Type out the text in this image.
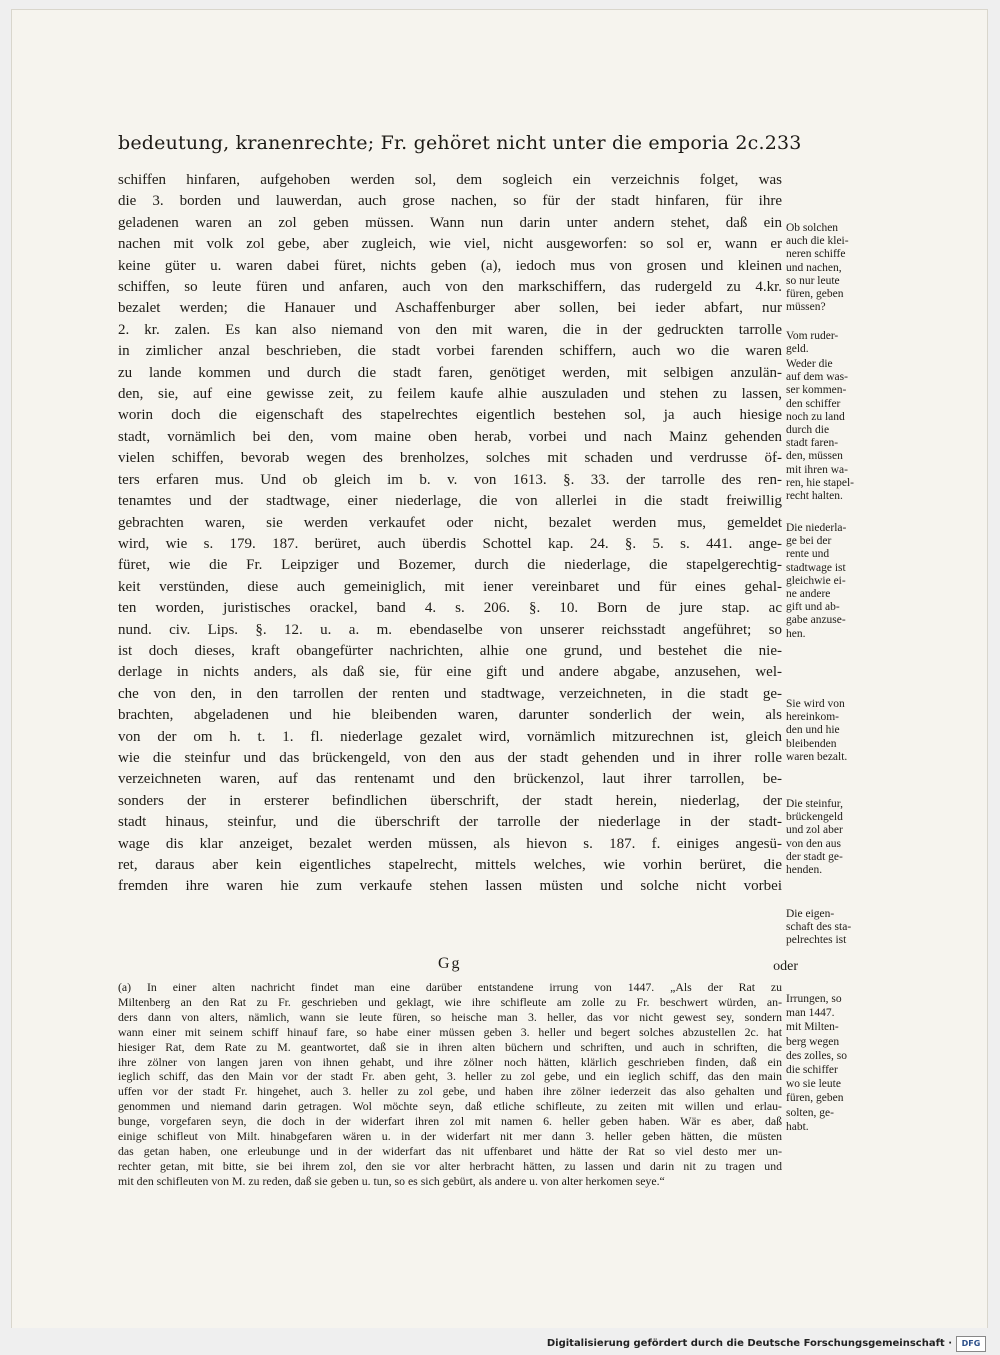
bedeutung, kranenrechte; Fr. gehöret nicht unter die emporia 2c. 233
schiffen hinfaren, aufgehoben werden sol, dem sogleich ein verzeichnis folget, was
die 3. borden und lauwerdan, auch grose nachen, so für der stadt hinfaren, für ihre
geladenen waren an zol geben müssen. Wann nun darin unter andern stehet, daß ein
nachen mit volk zol gebe, aber zugleich, wie viel, nicht ausgeworfen: so sol er, wann er
keine güter u. waren dabei füret, nichts geben (a), iedoch mus von grosen und kleinen
schiffen, so leute füren und anfaren, auch von den markschiffern, das rudergeld zu 4.kr.
bezalet werden; die Hanauer und Aschaffenburger aber sollen, bei ieder abfart, nur
2. kr. zalen. Es kan also niemand von den mit waren, die in der gedruckten tarrolle
in zimlicher anzal beschrieben, die stadt vorbei farenden schiffern, auch wo die waren
zu lande kommen und durch die stadt faren, genötiget werden, mit selbigen anzulän-
den, sie, auf eine gewisse zeit, zu feilem kaufe alhie auszuladen und stehen zu lassen,
worin doch die eigenschaft des stapelrechtes eigentlich bestehen sol, ja auch hiesige
stadt, vornämlich bei den, vom maine oben herab, vorbei und nach Mainz gehenden
vielen schiffen, bevorab wegen des brenholzes, solches mit schaden und verdrusse öf-
ters erfaren mus. Und ob gleich im b. v. von 1613. §. 33. der tarrolle des ren-
tenamtes und der stadtwage, einer niederlage, die von allerlei in die stadt freiwillig
gebrachten waren, sie werden verkaufet oder nicht, bezalet werden mus, gemeldet
wird, wie s. 179. 187. berüret, auch überdis Schottel kap. 24. §. 5. s. 441. ange-
füret, wie die Fr. Leipziger und Bozemer, durch die niederlage, die stapelgerechtig-
keit verstünden, diese auch gemeiniglich, mit iener vereinbaret und für eines gehal-
ten worden, juristisches orackel, band 4. s. 206. §. 10. Born de jure stap. ac
nund. civ. Lips. §. 12. u. a. m. ebendaselbe von unserer reichsstadt angeführet; so
ist doch dieses, kraft obangefürter nachrichten, alhie one grund, und bestehet die nie-
derlage in nichts anders, als daß sie, für eine gift und andere abgabe, anzusehen, wel-
che von den, in den tarrollen der renten und stadtwage, verzeichneten, in die stadt ge-
brachten, abgeladenen und hie bleibenden waren, darunter sonderlich der wein, als
von der om h. t. 1. fl. niederlage gezalet wird, vornämlich mitzurechnen ist, gleich
wie die steinfur und das brückengeld, von den aus der stadt gehenden und in ihrer rolle
verzeichneten waren, auf das rentenamt und den brückenzol, laut ihrer tarrollen, be-
sonders der in ersterer befindlichen überschrift, der stadt herein, niederlag, der
stadt hinaus, steinfur, und die überschrift der tarrolle der niederlage in der stadt-
wage dis klar anzeiget, bezalet werden müssen, als hievon s. 187. f. einiges angesü-
ret, daraus aber kein eigentliches stapelrecht, mittels welches, wie vorhin berüret, die
fremden ihre waren hie zum verkaufe stehen lassen müsten und solche nicht vorbei
Ob solchen
auch die klei-
neren schiffe
und nachen,
so nur leute
füren, geben
müssen?
Vom ruder-
geld.
Weder die
auf dem was-
ser kommen-
den schiffer
noch zu land
durch die
stadt faren-
den, müssen
mit ihren wa-
ren, hie stapel-
recht halten.
Die niederla-
ge bei der
rente und
stadtwage ist
gleichwie ei-
ne andere
gift und ab-
gabe anzuse-
hen.
Sie wird von
hereinkom-
den und hie
bleibenden
waren bezalt.
Die steinfur,
brückengeld
und zol aber
von den aus
der stadt ge-
henden.
Die eigen-
schaft des sta-
pelrechtes ist
Gg	oder
(a) In einer alten nachricht findet man eine darüber entstandene irrung von 1447. „Als der Rat zu
Miltenberg an den Rat zu Fr. geschrieben und geklagt, wie ihre schifleute am zolle zu Fr. beschwert würden, an-
ders dann von alters, nämlich, wann sie leute füren, so heische man 3. heller, das vor nicht gewest sey, sondern
wann einer mit seinem schiff hinauf fare, so habe einer müssen geben 3. heller und begert solches abzustellen 2c. hat
hiesiger Rat, dem Rate zu M. geantwortet, daß sie in ihren alten büchern und schriften, und auch in schriften, die
ihre zölner von langen jaren von ihnen gehabt, und ihre zölner noch hätten, klärlich geschrieben finden, daß ein
ieglich schiff, das den Main vor der stadt Fr. aben geht, 3. heller zu zol gebe, und ein ieglich schiff, das den main
uffen vor der stadt Fr. hingehet, auch 3. heller zu zol gebe, und haben ihre zölner iederzeit das also gehalten und
genommen und niemand darin getragen. Wol möchte seyn, daß etliche schifleute, zu zeiten mit willen und erlau-
bunge, vorgefaren seyn, die doch in der widerfart ihren zol mit namen 6. heller geben haben. Wär es aber, daß
einige schifleut von Milt. hinabgefaren wären u. in der widerfart nit mer dann 3. heller geben hätten, die müsten
das getan haben, one erleubunge und in der widerfart das nit uffenbaret und hätte der Rat so viel desto mer un-
rechter getan, mit bitte, sie bei ihrem zol, den sie vor alter herbracht hätten, zu lassen und darin nit zu tragen und
mit den schifleuten von M. zu reden, daß sie geben u. tun, so es sich gebürt, als andere u. von alter herkomen seye.“
Irrungen, so
man 1447.
mit Milten-
berg wegen
des zolles, so
die schiffer
wo sie leute
füren, geben
solten, ge-
habt.
Digitalisierung gefördert durch die Deutsche Forschungsgemeinschaft ·	DFG
